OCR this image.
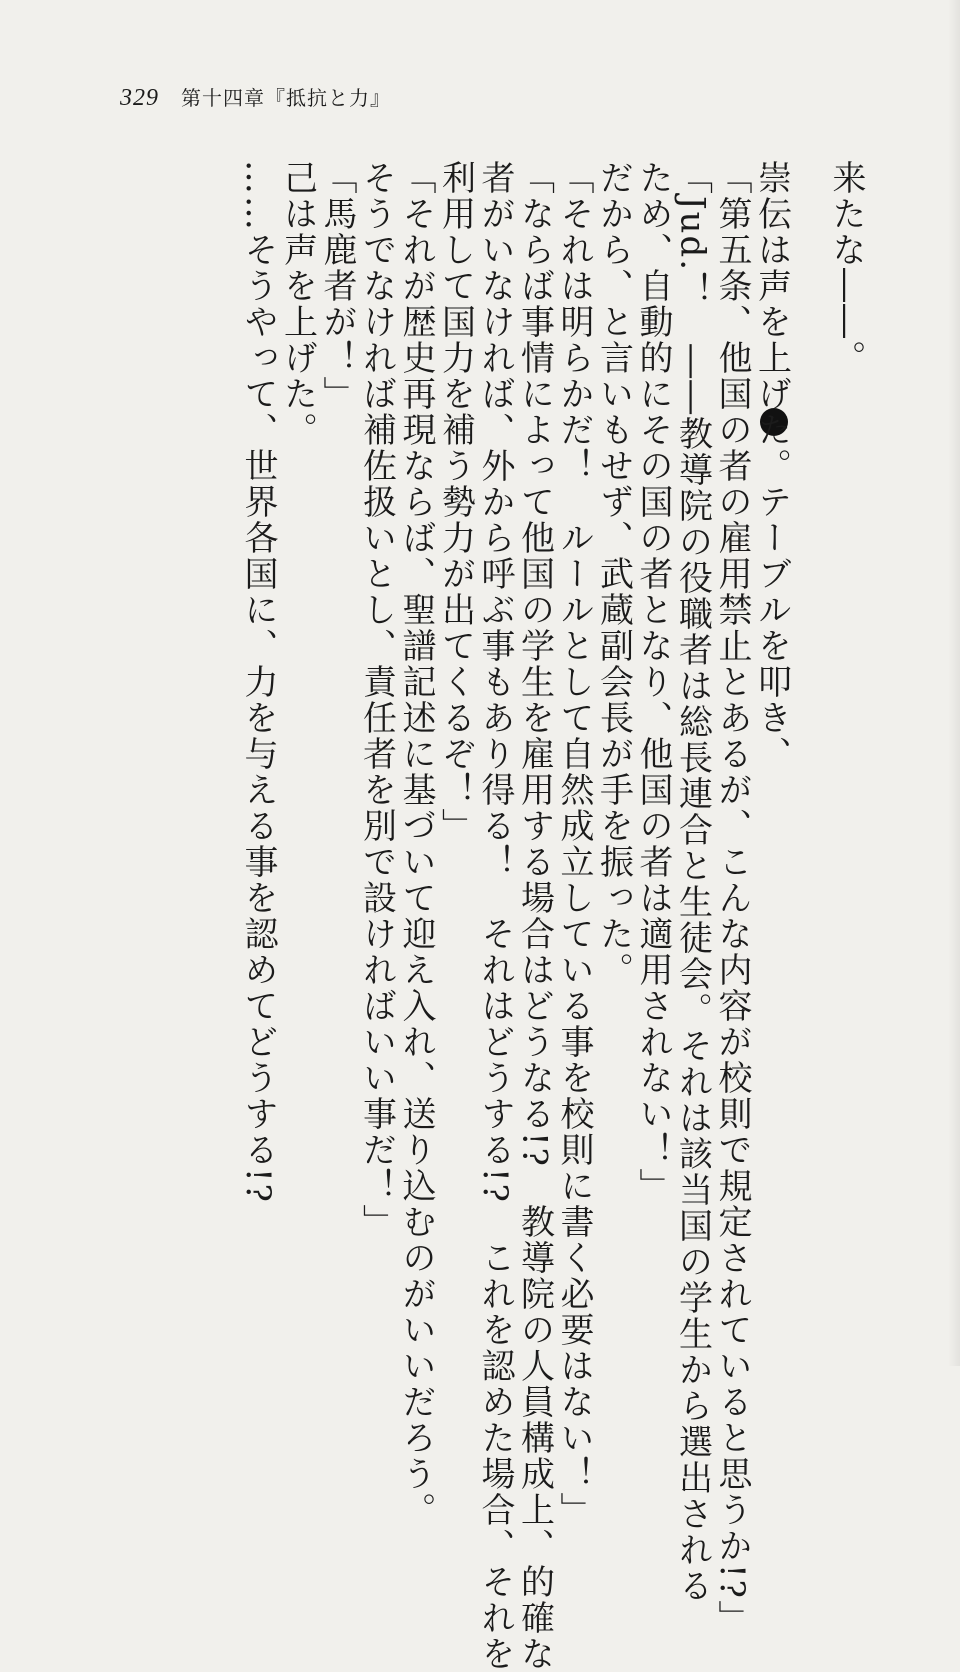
329 第十四章『抵抗と力』
来たな――。
崇伝は声を上げた。テーブルを叩き、
「第五条、他国の者の雇用禁止とあるが、こんな内容が校則で規定されていると思うか!?」
「Jud.！　――教導院の役職者は総長連合と生徒会。それは該当国の学生から選出される
ため、自動的にその国の者となり、他国の者は適用されない！」
だから、と言いもせず、武蔵副会長が手を振った。
「それは明らかだ！　ルールとして自然成立している事を校則に書く必要はない！」
「ならば事情によって他国の学生を雇用する場合はどうなる!?　教導院の人員構成上、的確な
者がいなければ、外から呼ぶ事もあり得る！　それはどうする!?　これを認めた場合、それを
利用して国力を補う勢力が出てくるぞ！」
「それが歴史再現ならば、聖譜記述に基づいて迎え入れ、送り込むのがいいだろう。
そうでなければ補佐扱いとし、責任者を別で設ければいい事だ！」
「馬鹿者が！」
己は声を上げた。
……そうやって、世界各国に、力を与える事を認めてどうする!?
